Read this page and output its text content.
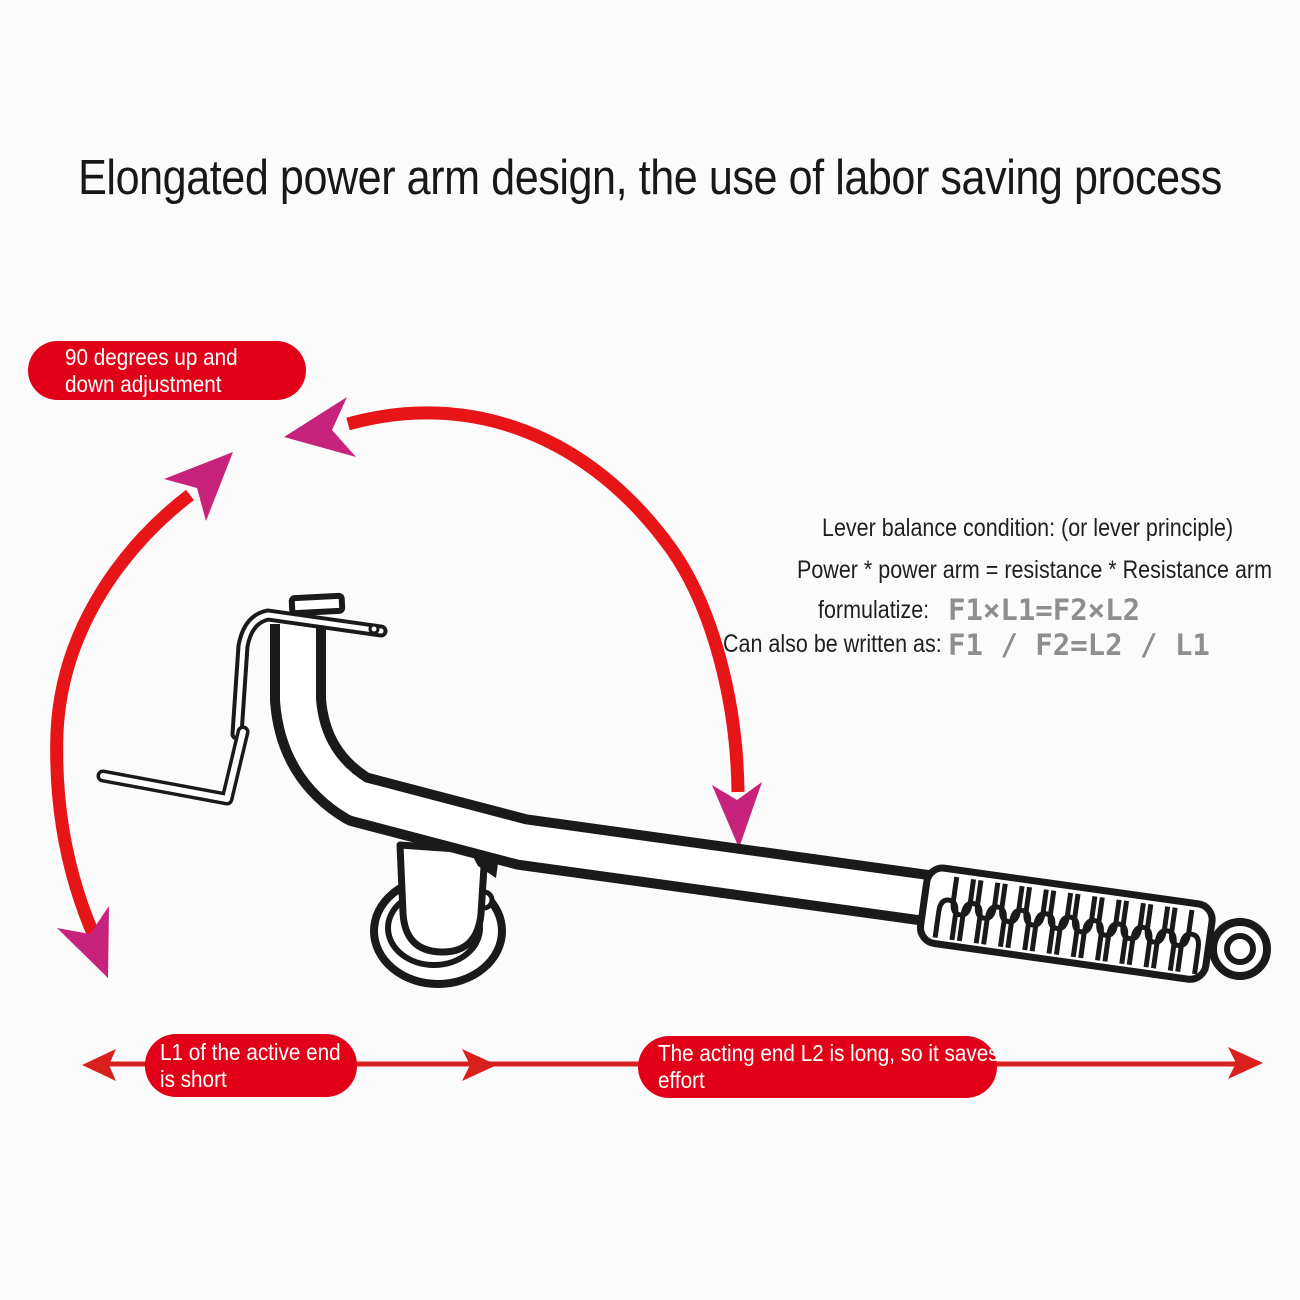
Elongated power arm design, the use of labor saving process
90 degrees up and
down adjustment
Lever balance condition: (or lever principle)
Power * power arm = resistance * Resistance arm
formulatize: F1×L1=F2×L2
Can also be written as: F1 / F2=L2 / L1
L1 of the active end
is short
The acting end L2 is long, so it saves
effort
